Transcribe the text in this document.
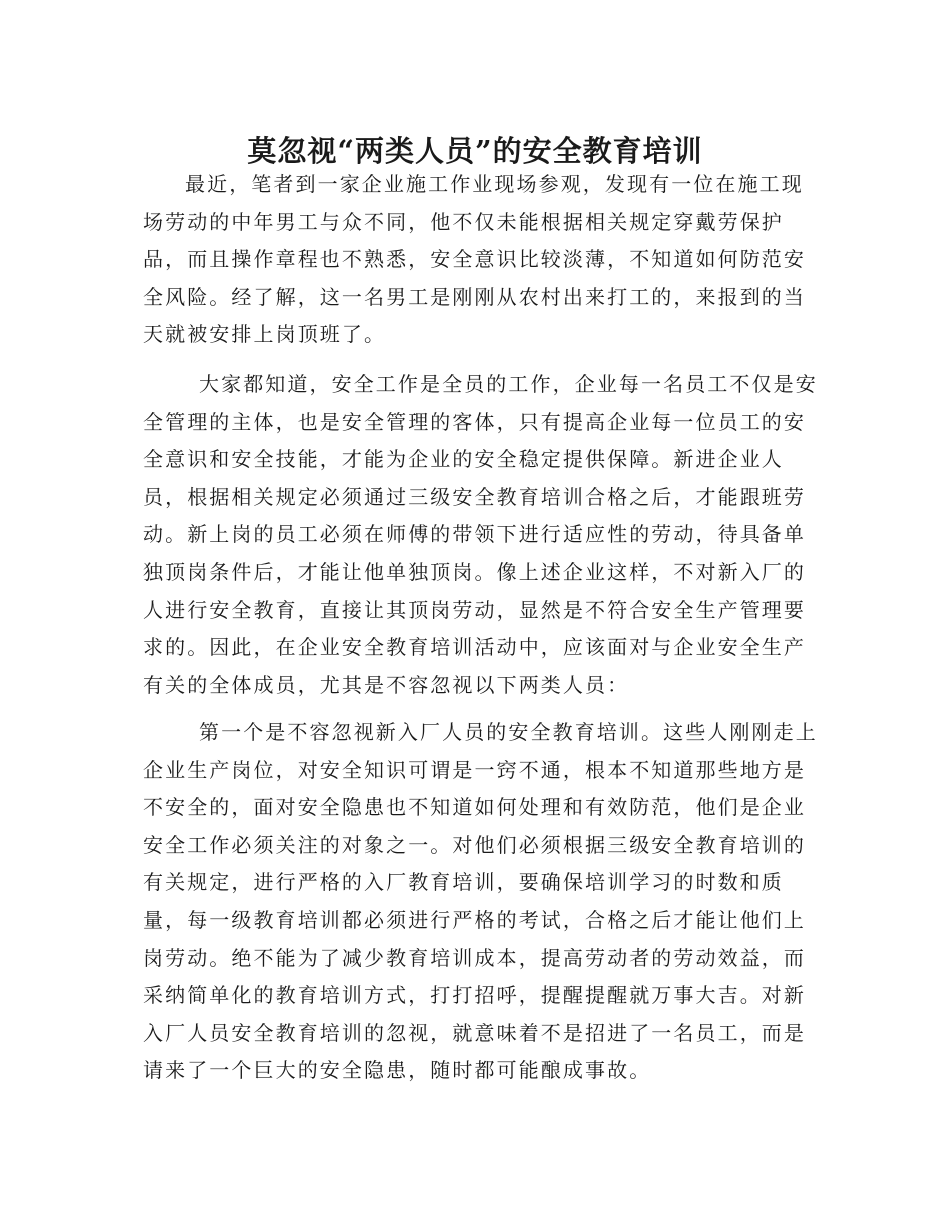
莫忽视“两类人员”的安全教育培训

最近，笔者到一家企业施工作业现场参观，发现有一位在施工现
场劳动的中年男工与众不同，他不仅未能根据相关规定穿戴劳保护
品，而且操作章程也不熟悉，安全意识比较淡薄，不知道如何防范安
全风险。经了解，这一名男工是刚刚从农村出来打工的，来报到的当
天就被安排上岗顶班了。

大家都知道，安全工作是全员的工作，企业每一名员工不仅是安
全管理的主体，也是安全管理的客体，只有提高企业每一位员工的安
全意识和安全技能，才能为企业的安全稳定提供保障。新进企业人
员，根据相关规定必须通过三级安全教育培训合格之后，才能跟班劳
动。新上岗的员工必须在师傅的带领下进行适应性的劳动，待具备单
独顶岗条件后，才能让他单独顶岗。像上述企业这样，不对新入厂的
人进行安全教育，直接让其顶岗劳动，显然是不符合安全生产管理要
求的。因此，在企业安全教育培训活动中，应该面对与企业安全生产
有关的全体成员，尤其是不容忽视以下两类人员：

第一个是不容忽视新入厂人员的安全教育培训。这些人刚刚走上
企业生产岗位，对安全知识可谓是一窍不通，根本不知道那些地方是
不安全的，面对安全隐患也不知道如何处理和有效防范，他们是企业
安全工作必须关注的对象之一。对他们必须根据三级安全教育培训的
有关规定，进行严格的入厂教育培训，要确保培训学习的时数和质
量，每一级教育培训都必须进行严格的考试，合格之后才能让他们上
岗劳动。绝不能为了减少教育培训成本，提高劳动者的劳动效益，而
采纳简单化的教育培训方式，打打招呼，提醒提醒就万事大吉。对新
入厂人员安全教育培训的忽视，就意味着不是招进了一名员工，而是
请来了一个巨大的安全隐患，随时都可能酿成事故。
